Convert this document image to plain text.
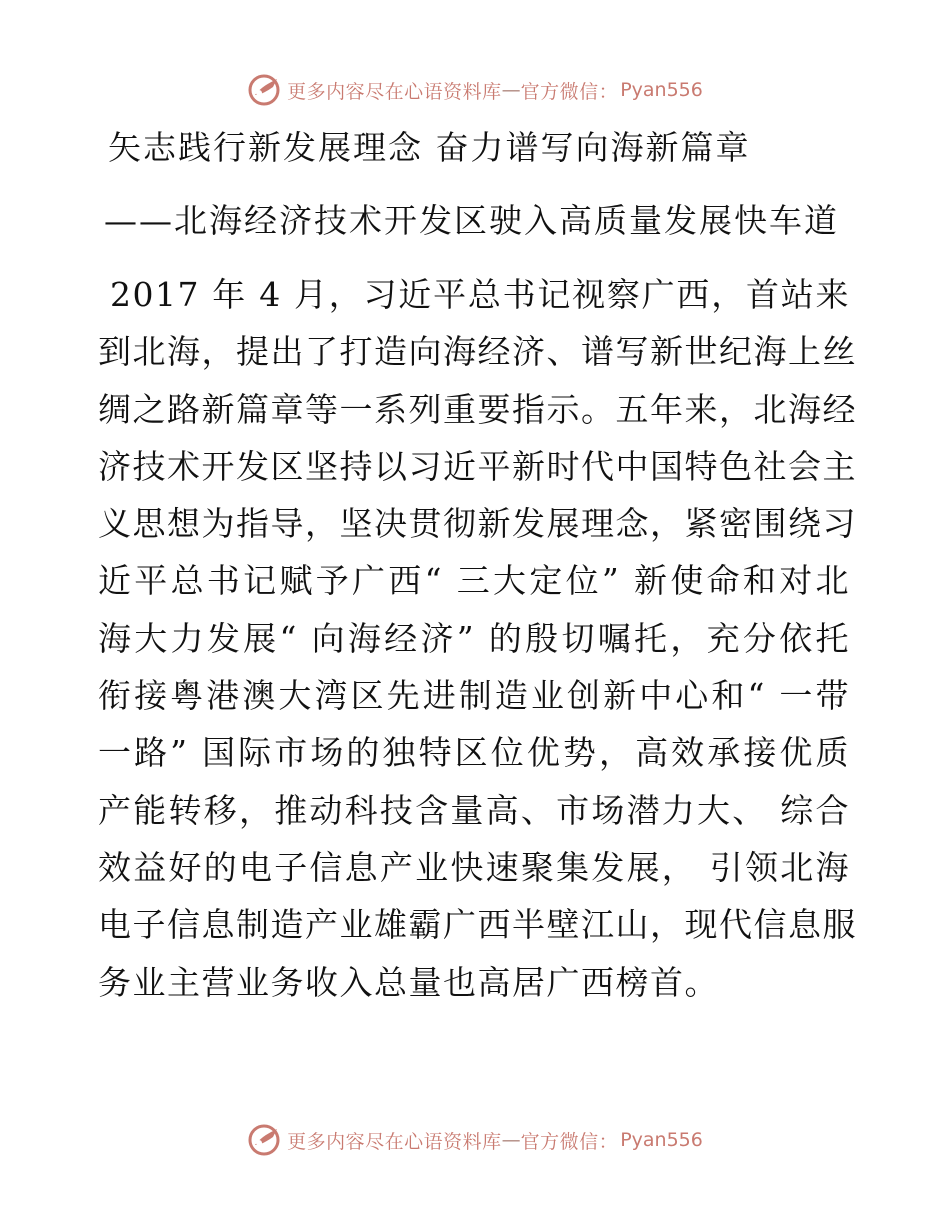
更多内容尽在心语资料库 — 官方微信： Pyan556
矢志践行新发展理念 奋力谱写向海新篇章
——北海经济技术开发区驶入高质量发展快车道
2017 年 4 月，习近平总书记视察广西，首站来
到北海，提出了打造向海经济、谱写新世纪海上丝
绸之路新篇章等一系列重要指示。五年来，北海经
济技术开发区坚持以习近平新时代中国特色社会主
义思想为指导，坚决贯彻新发展理念，紧密围绕习
近平总书记赋予广西“ 三大定位” 新使命和对北
海大力发展“ 向海经济” 的殷切嘱托，充分依托
衔接粤港澳大湾区先进制造业创新中心和“ 一带
一路” 国际市场的独特区位优势，高效承接优质
产能转移，推动科技含量高、市场潜力大、 综合
效益好的电子信息产业快速聚集发展， 引领北海
电子信息制造产业雄霸广西半壁江山，现代信息服
务业主营业务收入总量也高居广西榜首。
更多内容尽在心语资料库 — 官方微信： Pyan556
